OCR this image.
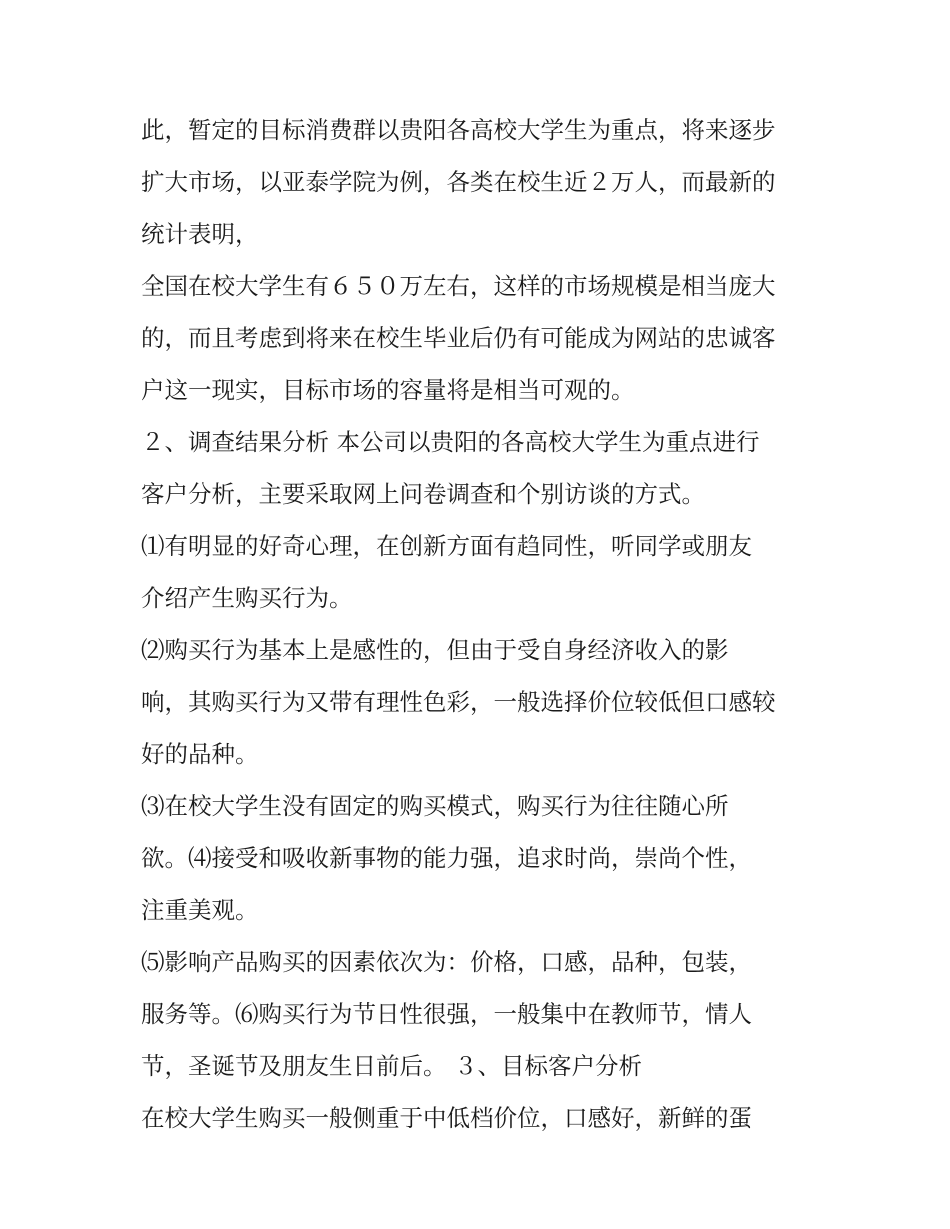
此，暂定的目标消费群以贵阳各高校大学生为重点，将来逐步
扩大市场，以亚泰学院为例，各类在校生近２万人，而最新的
统计表明，
全国在校大学生有６５０万左右，这样的市场规模是相当庞大
的，而且考虑到将来在校生毕业后仍有可能成为网站的忠诚客
户这一现实，目标市场的容量将是相当可观的。
２、调查结果分析 本公司以贵阳的各高校大学生为重点进行
客户分析，主要采取网上问卷调查和个别访谈的方式。
⑴有明显的好奇心理，在创新方面有趋同性，听同学或朋友
介绍产生购买行为。
⑵购买行为基本上是感性的，但由于受自身经济收入的影
响，其购买行为又带有理性色彩，一般选择价位较低但口感较
好的品种。
⑶在校大学生没有固定的购买模式，购买行为往往随心所
欲。⑷接受和吸收新事物的能力强，追求时尚，崇尚个性，
注重美观。
⑸影响产品购买的因素依次为：价格，口感，品种，包装，
服务等。⑹购买行为节日性很强，一般集中在教师节，情人
节，圣诞节及朋友生日前后。 ３、目标客户分析
在校大学生购买一般侧重于中低档价位，口感好，新鲜的蛋
